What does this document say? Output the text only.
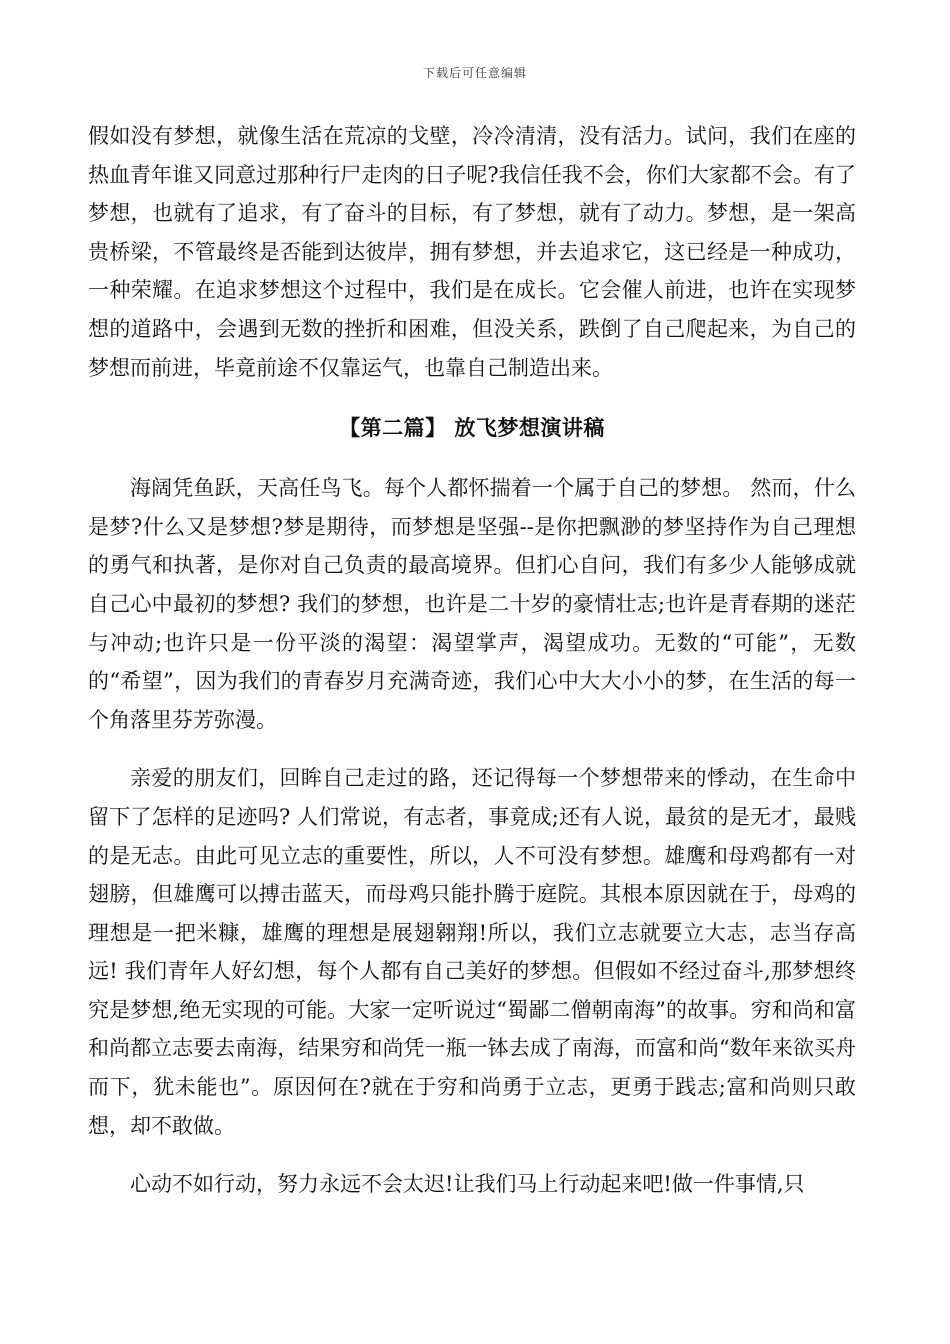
下载后可任意编辑

假如没有梦想，就像生活在荒凉的戈壁，冷冷清清，没有活力。试问，我们在座的热血青年谁又同意过那种行尸走肉的日子呢?我信任我不会，你们大家都不会。有了梦想，也就有了追求，有了奋斗的目标，有了梦想，就有了动力。梦想，是一架高贵桥梁，不管最终是否能到达彼岸，拥有梦想，并去追求它，这已经是一种成功，一种荣耀。在追求梦想这个过程中，我们是在成长。它会催人前进，也许在实现梦想的道路中，会遇到无数的挫折和困难，但没关系，跌倒了自己爬起来，为自己的梦想而前进，毕竟前途不仅靠运气，也靠自己制造出来。

【第二篇】 放飞梦想演讲稿

海阔凭鱼跃，天高任鸟飞。每个人都怀揣着一个属于自己的梦想。 然而，什么是梦?什么又是梦想?梦是期待，而梦想是坚强--是你把飘渺的梦坚持作为自己理想的勇气和执著，是你对自己负责的最高境界。但扪心自问，我们有多少人能够成就自己心中最初的梦想? 我们的梦想，也许是二十岁的豪情壮志;也许是青春期的迷茫与冲动;也许只是一份平淡的渴望：渴望掌声，渴望成功。无数的“可能”，无数的“希望”，因为我们的青春岁月充满奇迹，我们心中大大小小的梦，在生活的每一个角落里芬芳弥漫。

亲爱的朋友们，回眸自己走过的路，还记得每一个梦想带来的悸动，在生命中留下了怎样的足迹吗? 人们常说，有志者，事竟成;还有人说，最贫的是无才，最贱的是无志。由此可见立志的重要性，所以，人不可没有梦想。雄鹰和母鸡都有一对翅膀，但雄鹰可以搏击蓝天，而母鸡只能扑腾于庭院。其根本原因就在于，母鸡的理想是一把米糠，雄鹰的理想是展翅翱翔!所以，我们立志就要立大志，志当存高远! 我们青年人好幻想，每个人都有自己美好的梦想。但假如不经过奋斗,那梦想终究是梦想,绝无实现的可能。大家一定听说过“蜀鄙二僧朝南海”的故事。穷和尚和富和尚都立志要去南海，结果穷和尚凭一瓶一钵去成了南海，而富和尚“数年来欲买舟而下，犹未能也”。原因何在?就在于穷和尚勇于立志，更勇于践志;富和尚则只敢想，却不敢做。

心动不如行动，努力永远不会太迟!让我们马上行动起来吧!做一件事情,只
